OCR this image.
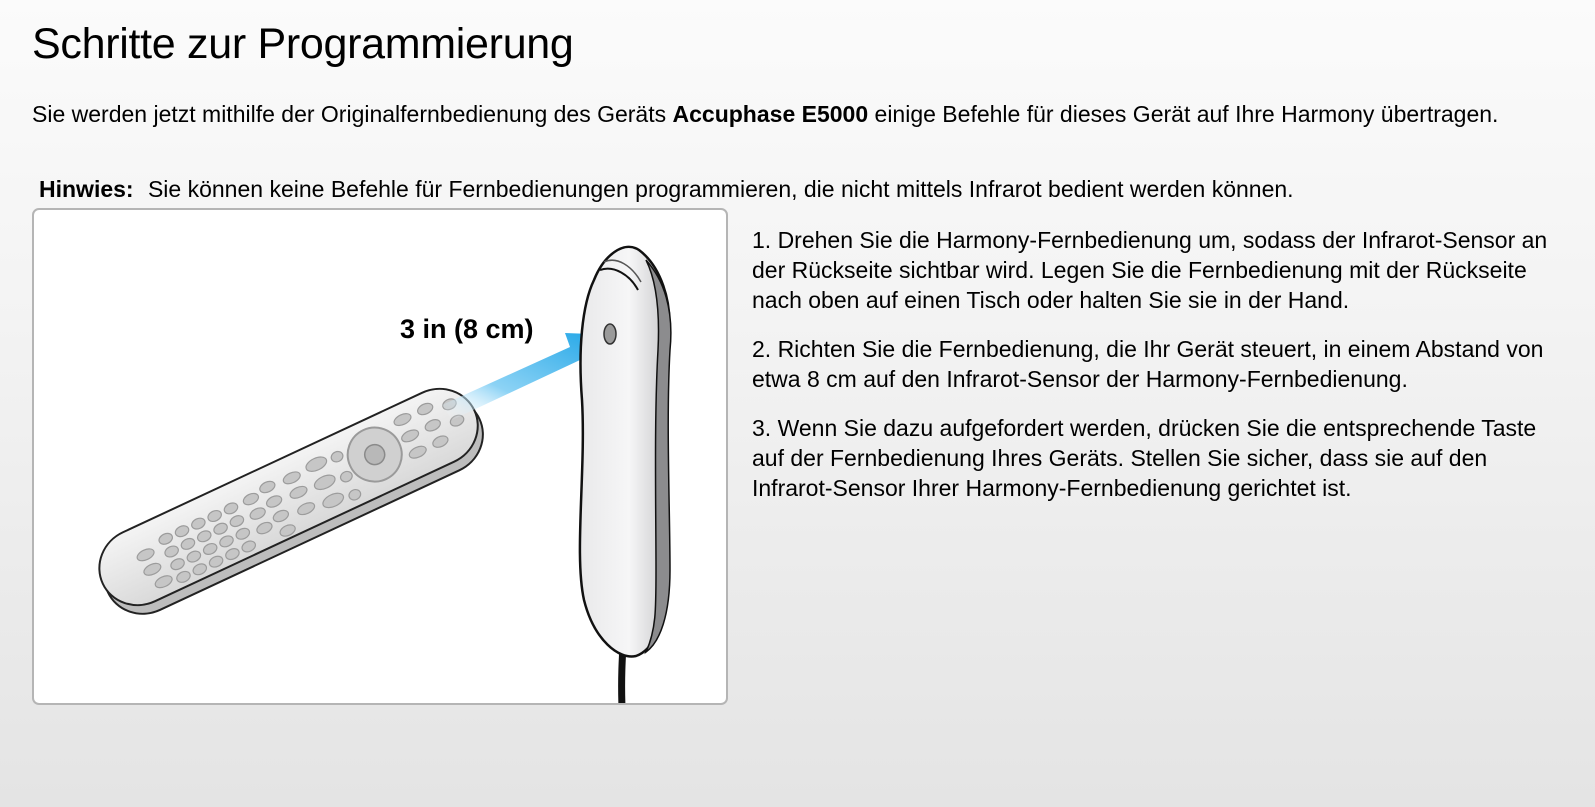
Schritte zur Programmierung

Sie werden jetzt mithilfe der Originalfernbedienung des Geräts Accuphase E5000 einige Befehle für dieses Gerät auf Ihre Harmony übertragen.

Hinwies: Sie können keine Befehle für Fernbedienungen programmieren, die nicht mittels Infrarot bedient werden können.
3 in (8 cm)

1. Drehen Sie die Harmony-Fernbedienung um, sodass der Infrarot-Sensor an der Rückseite sichtbar wird. Legen Sie die Fernbedienung mit der Rückseite nach oben auf einen Tisch oder halten Sie sie in der Hand.

2. Richten Sie die Fernbedienung, die Ihr Gerät steuert, in einem Abstand von etwa 8 cm auf den Infrarot-Sensor der Harmony-Fernbedienung.

3. Wenn Sie dazu aufgefordert werden, drücken Sie die entsprechende Taste auf der Fernbedienung Ihres Geräts. Stellen Sie sicher, dass sie auf den Infrarot-Sensor Ihrer Harmony-Fernbedienung gerichtet ist.
